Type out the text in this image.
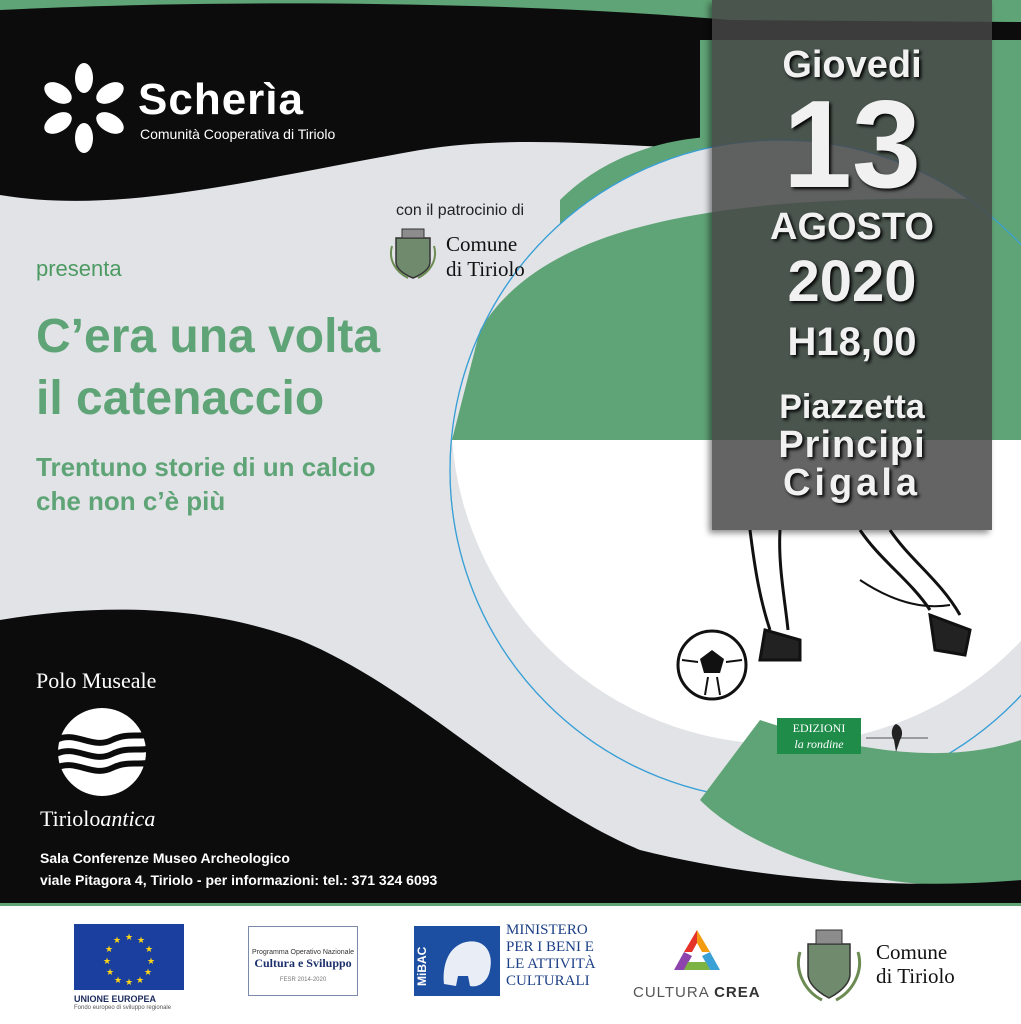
Scherìa
Comunità Cooperativa di Tiriolo
con il patrocinio di
Comune
di Tiriolo
presenta
C’era una volta
il catenaccio
Trentuno storie di un calcio
che non c’è più
Giovedi
13
AGOSTO
2020
H18,00
Piazzetta
Principi
Cigala
EDIZIONI
la rondine
Polo Museale
Tirioloantica
Sala Conferenze Museo Archeologico
viale Pitagora 4, Tiriolo - per informazioni: tel.: 371 324 6093
★ ★
★
★
★
★
★
★
★
★
★
★
UNIONE EUROPEA
Fondo europeo di sviluppo regionale
Programma Operativo Nazionale
Cultura e Sviluppo
FESR 2014-2020	MiBAC
MINISTERO
PER I BENI E
LE ATTIVITÀ
CULTURALI
CULTURA CREA
Comune
di Tiriolo
